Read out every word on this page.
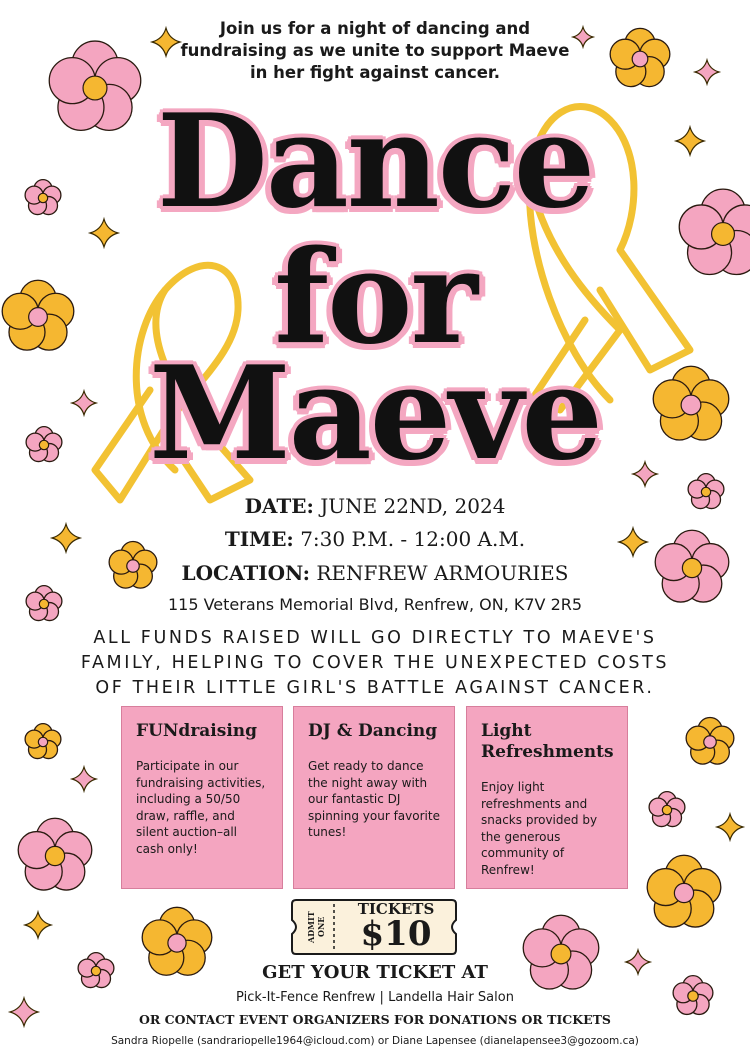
Join us for a night of dancing and
fundraising as we unite to support Maeve
in her fight against cancer.
Dance
for
Maeve
DATE: JUNE 22ND, 2024
TIME: 7:30 P.M. - 12:00 A.M.
LOCATION: RENFREW ARMOURIES
115 Veterans Memorial Blvd, Renfrew, ON, K7V 2R5
ALL FUNDS RAISED WILL GO DIRECTLY TO MAEVE'S
FAMILY, HELPING TO COVER THE UNEXPECTED COSTS
OF THEIR LITTLE GIRL'S BATTLE AGAINST CANCER.
FUNdraising

Participate in our fundraising activities, including a 50/50 draw, raffle, and silent auction–all cash only!

DJ & Dancing

Get ready to dance the night away with our fantastic DJ spinning your favorite tunes!

Light Refreshments

Enjoy light refreshments and snacks provided by the generous community of Renfrew!

ADMIT ONE
TICKETS
$10
GET YOUR TICKET AT
Pick-It-Fence Renfrew | Landella Hair Salon
OR CONTACT EVENT ORGANIZERS FOR DONATIONS OR TICKETS
Sandra Riopelle (sandrariopelle1964@icloud.com) or Diane Lapensee (dianelapensee3@gozoom.ca)
